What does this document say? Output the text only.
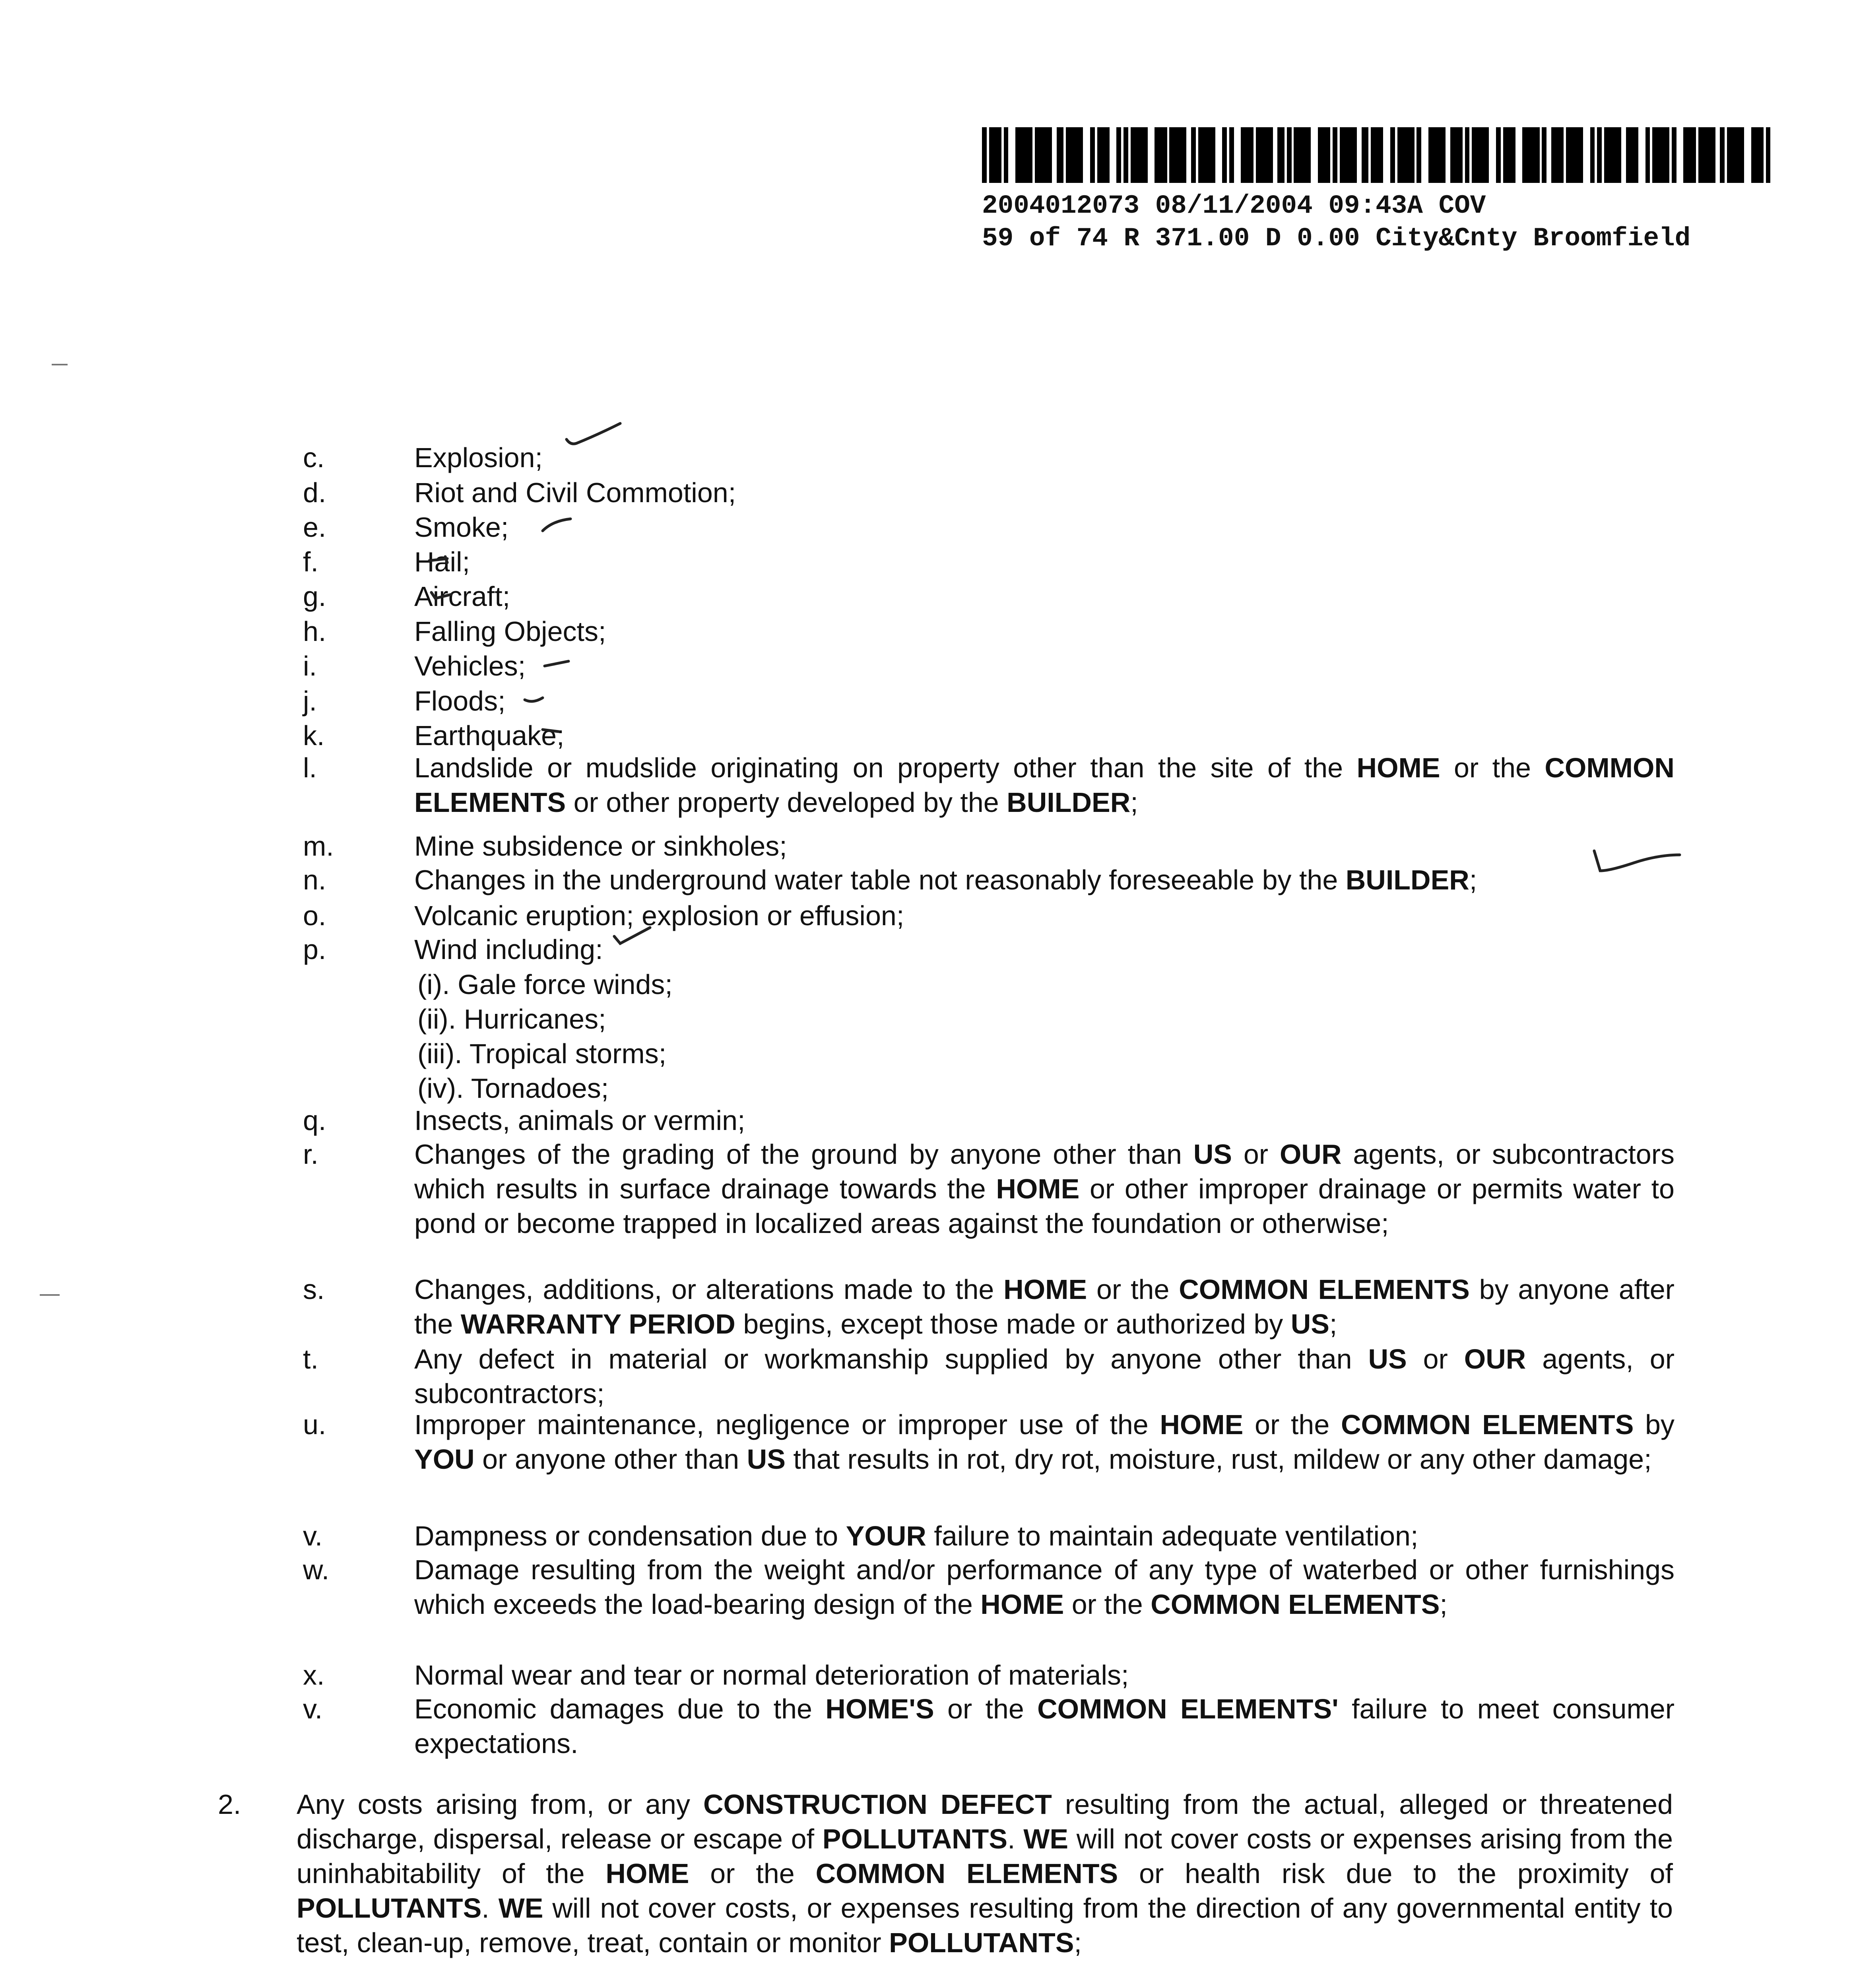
2004012073 08/11/2004 09:43A COV
59 of 74 R 371.00 D 0.00 City&Cnty Broomfield
c.	Explosion;
d.	Riot and Civil Commotion;
e.	Smoke;
f.	Hail;
g.	Aircraft;
h.	Falling Objects;
i.	Vehicles;
j.	Floods;
k.	Earthquake;
l.	Landslide or mudslide originating on property other than the site of the HOME or the COMMON ELEMENTS or other property developed by the BUILDER;
m.	Mine subsidence or sinkholes;
n.	Changes in the underground water table not reasonably foreseeable by the BUILDER;
o.	Volcanic eruption; explosion or effusion;
p.	Wind including:
q.	Insects, animals or vermin;
r.	Changes of the grading of the ground by anyone other than US or OUR agents, or subcontractors which results in surface drainage towards the HOME or other improper drainage or permits water to pond or become trapped in localized areas against the foundation or otherwise;
s.	Changes, additions, or alterations made to the HOME or the COMMON ELEMENTS by anyone after the WARRANTY PERIOD begins, except those made or authorized by US;
t.	Any defect in material or workmanship supplied by anyone other than US or OUR agents, or subcontractors;
u.	Improper maintenance, negligence or improper use of the HOME or the COMMON ELEMENTS by YOU or anyone other than US that results in rot, dry rot, moisture, rust, mildew or any other damage;
v.	Dampness or condensation due to YOUR failure to maintain adequate ventilation;
w.	Damage resulting from the weight and/or performance of any type of waterbed or other furnishings which exceeds the load-bearing design of the HOME or the COMMON ELEMENTS;
x.	Normal wear and tear or normal deterioration of materials;
v.	Economic damages due to the HOME'S or the COMMON ELEMENTS' failure to meet consumer expectations.
(i). Gale force winds;
(ii). Hurricanes;
(iii). Tropical storms;
(iv). Tornadoes;
2. Any costs arising from, or any CONSTRUCTION DEFECT resulting from the actual, alleged or threatened discharge, dispersal, release or escape of POLLUTANTS. WE will not cover costs or expenses arising from the uninhabitability of the HOME or the COMMON ELEMENTS or health risk due to the proximity of POLLUTANTS. WE will not cover costs, or expenses resulting from the direction of any governmental entity to test, clean-up, remove, treat, contain or monitor POLLUTANTS;
